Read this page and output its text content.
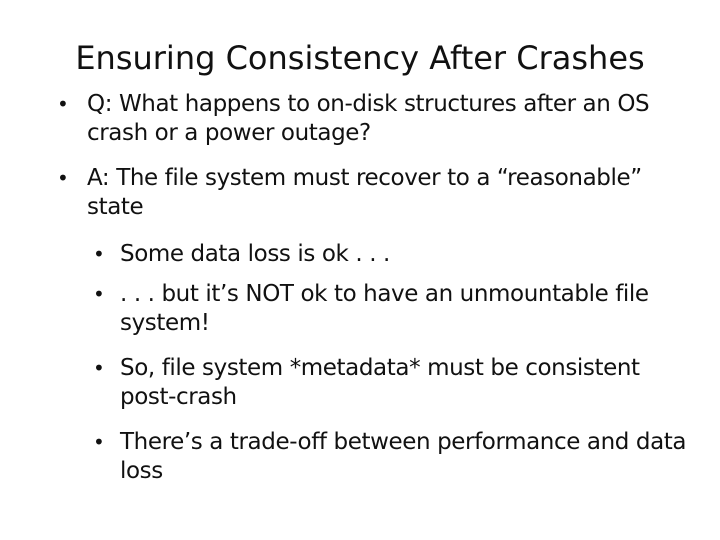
Ensuring Consistency After Crashes
• Q: What happens to on-disk structures after an OS crash or a power outage?
• A: The file system must recover to a “reasonable” state
• Some data loss is ok . . .
• . . . but it’s NOT ok to have an unmountable file system!
• So, file system *metadata* must be consistent post-crash
• There’s a trade-off between performance and data loss
